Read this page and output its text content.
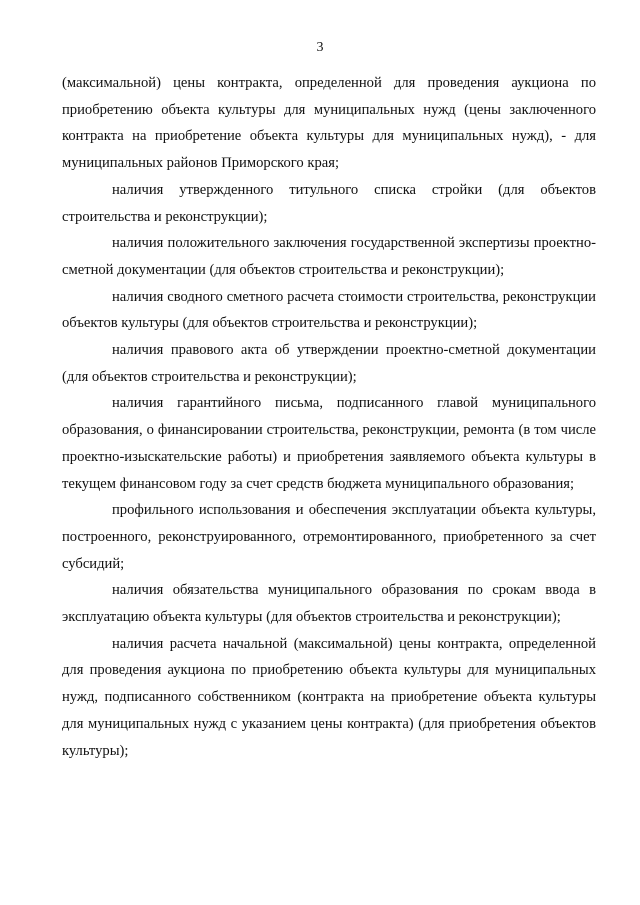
3

(максимальной) цены контракта, определенной для проведения аукциона по приобретению объекта культуры для муниципальных нужд (цены заключенного контракта на приобретение объекта культуры для муниципальных нужд), - для муниципальных районов Приморского края;

наличия утвержденного титульного списка стройки (для объектов строительства и реконструкции);

наличия положительного заключения государственной экспертизы проектно-сметной документации (для объектов строительства и реконструкции);

наличия сводного сметного расчета стоимости строительства, реконструкции объектов культуры (для объектов строительства и реконструкции);

наличия правового акта об утверждении проектно-сметной документации (для объектов строительства и реконструкции);

наличия гарантийного письма, подписанного главой муниципального образования, о финансировании строительства, реконструкции, ремонта (в том числе проектно-изыскательские работы) и приобретения заявляемого объекта культуры в текущем финансовом году за счет средств бюджета муниципального образования;

профильного использования и обеспечения эксплуатации объекта культуры, построенного, реконструированного, отремонтированного, приобретенного за счет субсидий;

наличия обязательства муниципального образования по срокам ввода в эксплуатацию объекта культуры (для объектов строительства и реконструкции);

наличия расчета начальной (максимальной) цены контракта, определенной для проведения аукциона по приобретению объекта культуры для муниципальных нужд, подписанного собственником (контракта на приобретение объекта культуры для муниципальных нужд с указанием цены контракта) (для приобретения объектов культуры);
